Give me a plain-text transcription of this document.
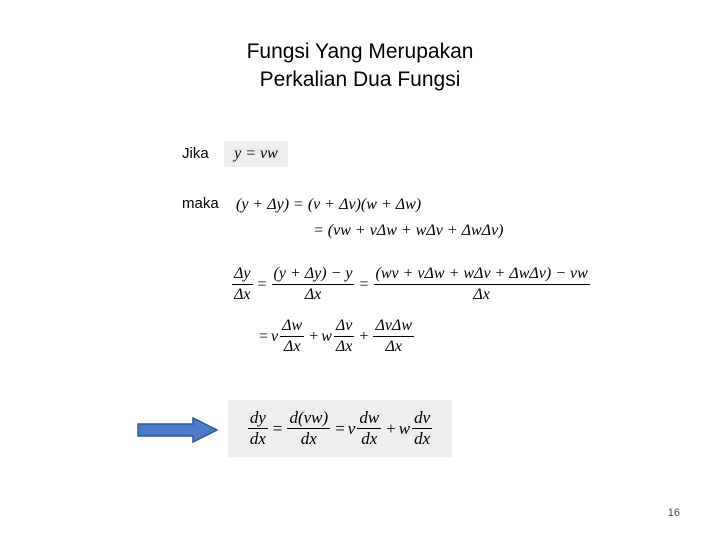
Fungsi Yang Merupakan
Perkalian Dua Fungsi
Jika	y = vw
maka (y + Δy) = (v + Δv)(w + Δw)
= (vw + vΔw + wΔv + ΔwΔv)
$\frac{\Delta y}{\Delta x} = \frac{(y + \Delta y) - y}{\Delta x} = \frac{\text{(wv + vΔw + wΔv + ΔwΔv) − vw}}{\Delta x}$
= v $\frac{\Delta w}{\Delta x} + w \frac{\Delta v}{\Delta x} + \frac{\text{ΔvΔw}}{\Delta x}$
$\frac{dy}{dx} = \frac{d(vw)}{dx} = v \frac{dw}{dx} + w \frac{dv}{dx}$
16
